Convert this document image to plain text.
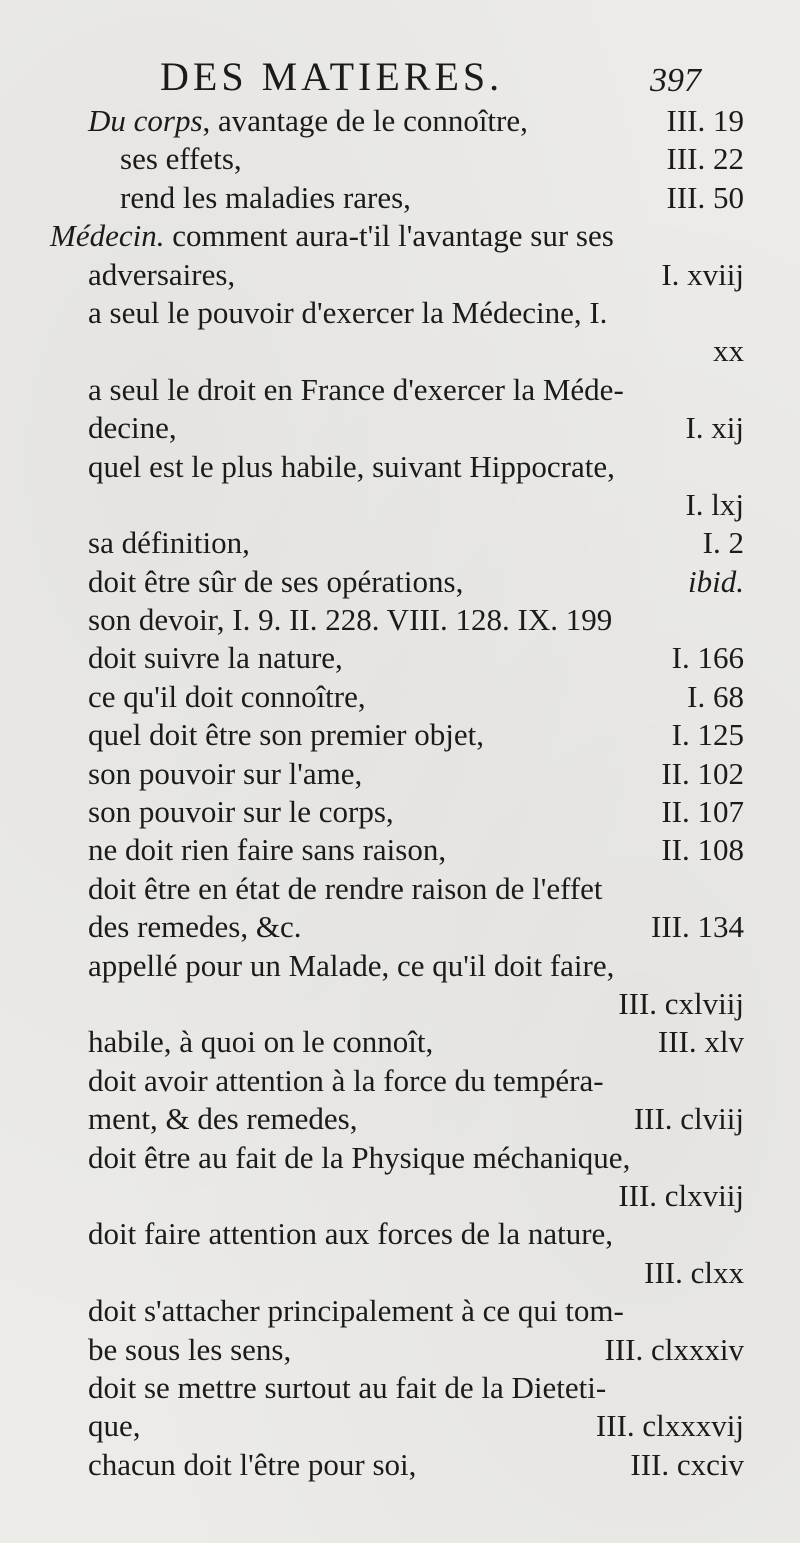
DES MATIERES.	397
Du corps, avantage de le connoître,	III. 19
ses effets,	III. 22
rend les maladies rares,	III. 50
Médecin. comment aura-t'il l'avantage sur ses
adversaires,	I. xviij
a seul le pouvoir d'exercer la Médecine, I.
xx
a seul le droit en France d'exercer la Méde-
decine,	I. xij
quel est le plus habile, suivant Hippocrate,
I. lxj
sa définition,	I. 2
doit être sûr de ses opérations,	ibid.
son devoir, I. 9. II. 228. VIII. 128. IX. 199
doit suivre la nature,	I. 166
ce qu'il doit connoître,	I. 68
quel doit être son premier objet,	I. 125
son pouvoir sur l'ame,	II. 102
son pouvoir sur le corps,	II. 107
ne doit rien faire sans raison,	II. 108
doit être en état de rendre raison de l'effet
des remedes, &c.	III. 134
appellé pour un Malade, ce qu'il doit faire,
III. cxlviij
habile, à quoi on le connoît,	III. xlv
doit avoir attention à la force du tempéra-
ment, & des remedes,	III. clviij
doit être au fait de la Physique méchanique,
III. clxviij
doit faire attention aux forces de la nature,
III. clxx
doit s'attacher principalement à ce qui tom-
be sous les sens,	III. clxxxiv
doit se mettre surtout au fait de la Dieteti-
que,	III. clxxxvij
chacun doit l'être pour soi,	III. cxciv
